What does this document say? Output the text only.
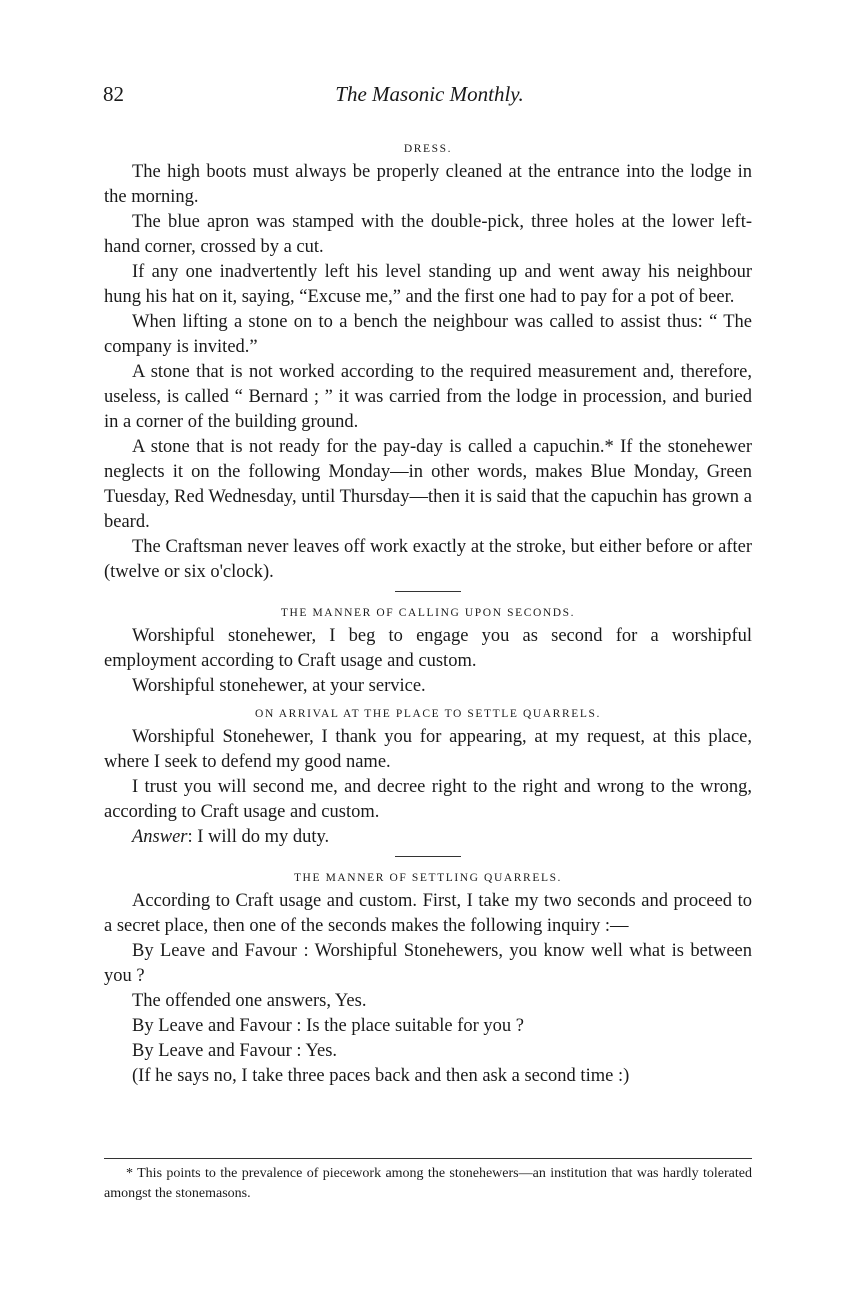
82	The Masonic Monthly.
DRESS.

The high boots must always be properly cleaned at the entrance into the lodge in the morning.

The blue apron was stamped with the double-pick, three holes at the lower left-hand corner, crossed by a cut.

If any one inadvertently left his level standing up and went away his neighbour hung his hat on it, saying, “Excuse me,” and the first one had to pay for a pot of beer.

When lifting a stone on to a bench the neighbour was called to assist thus: “ The company is invited.”

A stone that is not worked according to the required measurement and, therefore, useless, is called “ Bernard ; ” it was carried from the lodge in procession, and buried in a corner of the building ground.

A stone that is not ready for the pay-day is called a capuchin.* If the stonehewer neglects it on the following Monday—in other words, makes Blue Monday, Green Tuesday, Red Wednesday, until Thursday—then it is said that the capuchin has grown a beard.

The Craftsman never leaves off work exactly at the stroke, but either before or after (twelve or six o'clock).

THE MANNER OF CALLING UPON SECONDS.

Worshipful stonehewer, I beg to engage you as second for a worshipful employment according to Craft usage and custom.

Worshipful stonehewer, at your service.

ON ARRIVAL AT THE PLACE TO SETTLE QUARRELS.

Worshipful Stonehewer, I thank you for appearing, at my request, at this place, where I seek to defend my good name.

I trust you will second me, and decree right to the right and wrong to the wrong, according to Craft usage and custom.

Answer: I will do my duty.

THE MANNER OF SETTLING QUARRELS.

According to Craft usage and custom. First, I take my two seconds and proceed to a secret place, then one of the seconds makes the following inquiry :—

By Leave and Favour : Worshipful Stonehewers, you know well what is between you ?

The offended one answers, Yes.

By Leave and Favour : Is the place suitable for you ?

By Leave and Favour : Yes.

(If he says no, I take three paces back and then ask a second time :)

* This points to the prevalence of piecework among the stonehewers—an institution that was hardly tolerated amongst the stonemasons.
